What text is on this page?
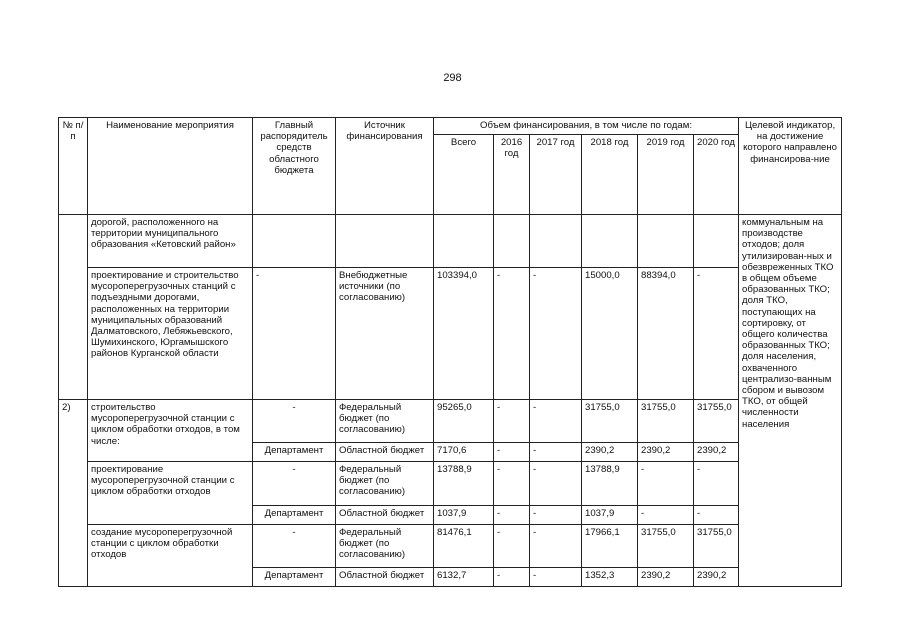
298
№ п/п	Наименование мероприятия	Главный распорядитель средств областного бюджета	Источник финансирования	Объем финансирования, в том числе по годам:						Целевой индикатор, на достижение которого направлено финансирова-ние
				Всего	2016 год	2017 год	2018 год	2019 год	2020 год	
	дорогой, расположенного на территории муниципального образования «Кетовский район»									коммунальным на производстве отходов; доля утилизирован-ных и обезвреженных ТКО в общем объеме образованных ТКО; доля ТКО, поступающих на сортировку, от общего количества образованных ТКО; доля населения, охваченного централизо-ванным сбором и вывозом ТКО, от общей численности населения
	проектирование и строительство мусороперегрузочных станций с подъездными дорогами, расположенных на территории муниципальных образований Далматовского, Лебяжьевского, Шумихинского, Юргамышского районов Курганской области	-	Внебюджетные источники (по согласованию)	103394,0	-	-	15000,0	88394,0	-	
2)	строительство мусороперегрузочной станции с циклом обработки отходов, в том числе:	-	Федеральный бюджет (по согласованию)	95265,0	-	-	31755,0	31755,0	31755,0	
		Департамент	Областной бюджет	7170,6	-	-	2390,2	2390,2	2390,2	
	проектирование мусороперегрузочной станции с циклом обработки отходов	-	Федеральный бюджет (по согласованию)	13788,9	-	-	13788,9	-	-	
		Департамент	Областной бюджет	1037,9	-	-	1037,9	-	-	
	создание мусороперегрузочной станции с циклом обработки отходов	-	Федеральный бюджет (по согласованию)	81476,1	-	-	17966,1	31755,0	31755,0	
		Департамент	Областной бюджет	6132,7	-	-	1352,3	2390,2	2390,2	
